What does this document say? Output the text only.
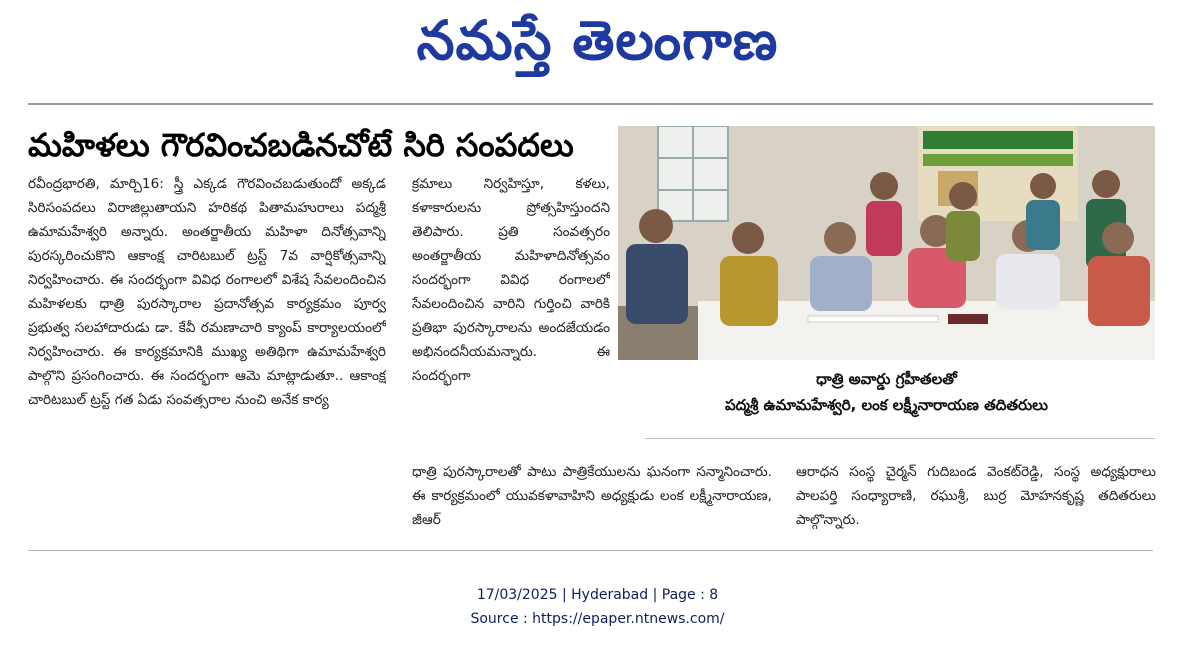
నమస్తే తెలంగాణ
మహిళలు గౌరవించబడినచోటే సిరి సంపదలు

రవీంద్రభారతి, మార్చి16: స్త్రీ ఎక్కడ గౌరవించబడుతుందో అక్కడ సిరిసంపదలు విరాజిల్లుతాయని హరికథ పితామహురాలు పద్మశ్రీ ఉమామహేశ్వరి అన్నారు. అంతర్జాతీయ మహిళా దినోత్సవాన్ని పురస్కరించుకొని ఆకాంక్ష చారిటబుల్ ట్రస్ట్ 7వ వార్షికోత్సవాన్ని నిర్వహించారు. ఈ సందర్భంగా వివిధ రంగాలలో విశేష సేవలందించిన మహిళలకు ధాత్రి పురస్కారాల ప్రదానోత్సవ కార్యక్రమం పూర్వ ప్రభుత్వ సలహాదారుడు డా. కేవీ రమణాచారి క్యాంప్ కార్యాలయంలో నిర్వహించారు. ఈ కార్యక్రమానికి ముఖ్య అతిథిగా ఉమామహేశ్వరి పాల్గొని ప్రసంగించారు. ఈ సందర్భంగా ఆమె మాట్లాడుతూ.. ఆకాంక్ష చారిటబుల్ ట్రస్ట్ గత ఏడు సంవత్సరాల నుంచి అనేక కార్య

క్రమాలు నిర్వహిస్తూ, కళలు, కళాకారులను ప్రోత్సహిస్తుందని తెలిపారు. ప్రతి సంవత్సరం అంతర్జాతీయ మహిళాదినోత్సవం సందర్భంగా వివిధ రంగాలలో సేవలందించిన వారిని గుర్తించి వారికి ప్రతిభా పురస్కారాలను అందజేయడం అభినందనీయమన్నారు. ఈ సందర్భంగా	ధాత్రి అవార్డు గ్రహీతలతో

పద్మశ్రీ ఉమామహేశ్వరి, లంక లక్ష్మీనారాయణ తదితరులు

ధాత్రి పురస్కారాలతో పాటు పాత్రికేయులను ఘనంగా సన్మానించారు. ఈ కార్యక్రమంలో యువకళావాహిని అధ్యక్షుడు లంక లక్ష్మీనారాయణ, జీఆర్

ఆరాధన సంస్థ చైర్మన్ గుదిబండ వెంకట్‌రెడ్డి, సంస్థ అధ్యక్షురాలు పాలపర్తి సంధ్యారాణి, రఘుశ్రీ, బుర్ర మోహనకృష్ణ తదితరులు పాల్గొన్నారు.

17/03/2025 | Hyderabad | Page : 8
Source : https://epaper.ntnews.com/
